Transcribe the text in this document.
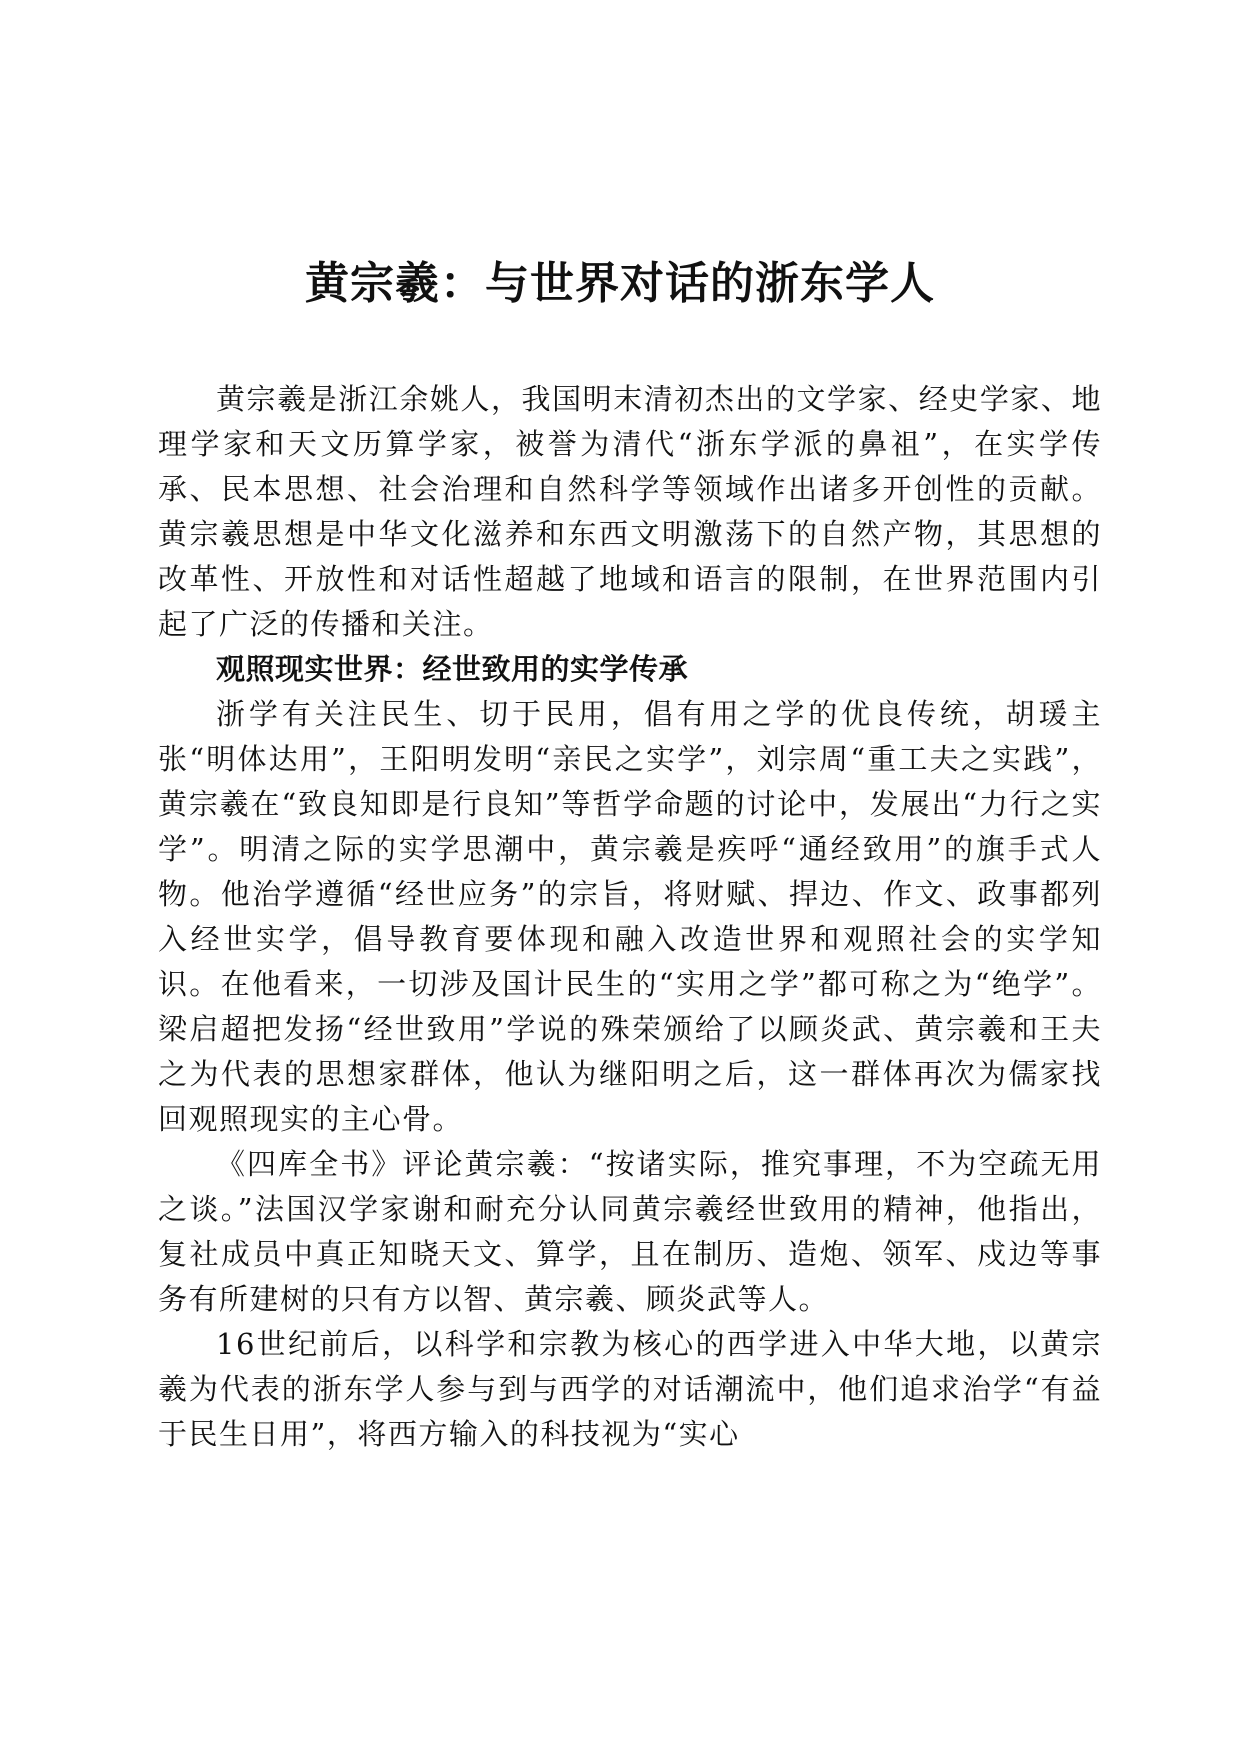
黄宗羲：与世界对话的浙东学人

黄宗羲是浙江余姚人，我国明末清初杰出的文学家、经史学家、地理学家和天文历算学家，被誉为清代“浙东学派的鼻祖”，在实学传承、民本思想、社会治理和自然科学等领域作出诸多开创性的贡献。黄宗羲思想是中华文化滋养和东西文明激荡下的自然产物，其思想的改革性、开放性和对话性超越了地域和语言的限制，在世界范围内引起了广泛的传播和关注。

观照现实世界：经世致用的实学传承

浙学有关注民生、切于民用，倡有用之学的优良传统，胡瑗主张“明体达用”，王阳明发明“亲民之实学”，刘宗周“重工夫之实践”，黄宗羲在“致良知即是行良知”等哲学命题的讨论中，发展出“力行之实学”。明清之际的实学思潮中，黄宗羲是疾呼“通经致用”的旗手式人物。他治学遵循“经世应务”的宗旨，将财赋、捍边、作文、政事都列入经世实学，倡导教育要体现和融入改造世界和观照社会的实学知识。在他看来，一切涉及国计民生的“实用之学”都可称之为“绝学”。梁启超把发扬“经世致用”学说的殊荣颁给了以顾炎武、黄宗羲和王夫之为代表的思想家群体，他认为继阳明之后，这一群体再次为儒家找回观照现实的主心骨。

《四库全书》评论黄宗羲：“按诸实际，推究事理，不为空疏无用之谈。”法国汉学家谢和耐充分认同黄宗羲经世致用的精神，他指出，复社成员中真正知晓天文、算学，且在制历、造炮、领军、戍边等事务有所建树的只有方以智、黄宗羲、顾炎武等人。

16世纪前后，以科学和宗教为核心的西学进入中华大地，以黄宗羲为代表的浙东学人参与到与西学的对话潮流中，他们追求治学“有益于民生日用”，将西方输入的科技视为“实心
